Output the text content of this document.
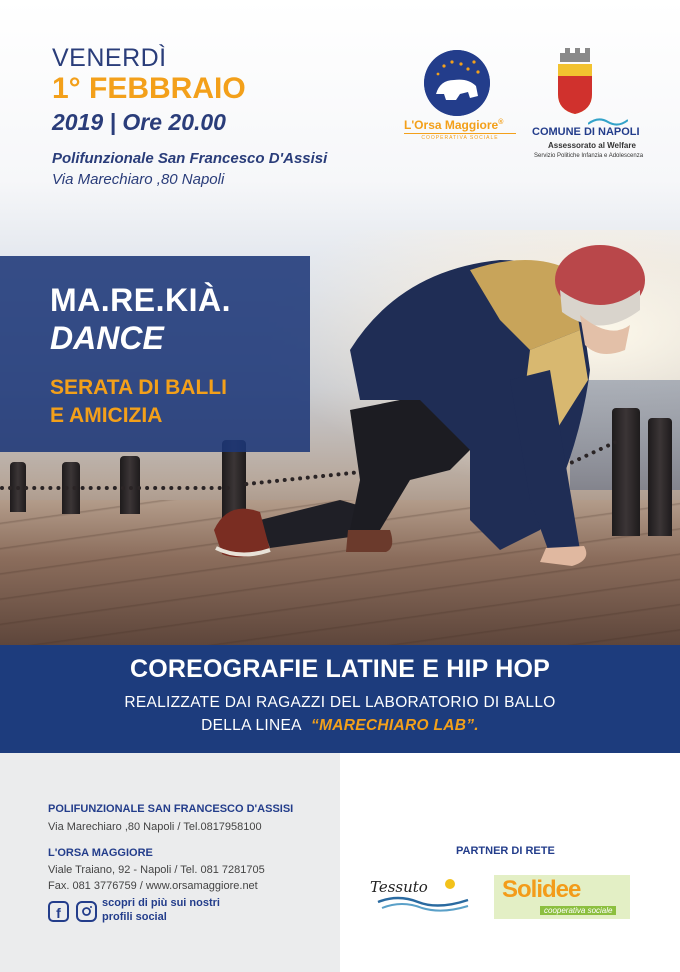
VENERDÌ
1° FEBBRAIO
2019 | Ore 20.00
Polifunzionale San Francesco D'Assisi
Via Marechiaro ,80 Napoli
L'Orsa Maggiore®
COOPERATIVA SOCIALE	COMUNE DI NAPOLI
Assessorato al Welfare
Servizio Politiche Infanzia e Adolescenza
MA.RE.KIÀ.
DANCE
SERATA DI BALLI
E AMICIZIA
COREOGRAFIE LATINE E HIP HOP
REALIZZATE DAI RAGAZZI DEL LABORATORIO DI BALLO
DELLA LINEA “MARECHIARO LAB”.
POLIFUNZIONALE SAN FRANCESCO D'ASSISI
Via Marechiaro ,80 Napoli / Tel.0817958100
L'ORSA MAGGIORE
Viale Traiano, 92 - Napoli / Tel. 081 7281705
Fax. 081 3776759 / www.orsamaggiore.net
f
scopri di più sui nostri
profili social
PARTNER DI RETE
Tessuto	Solidee
cooperativa sociale
